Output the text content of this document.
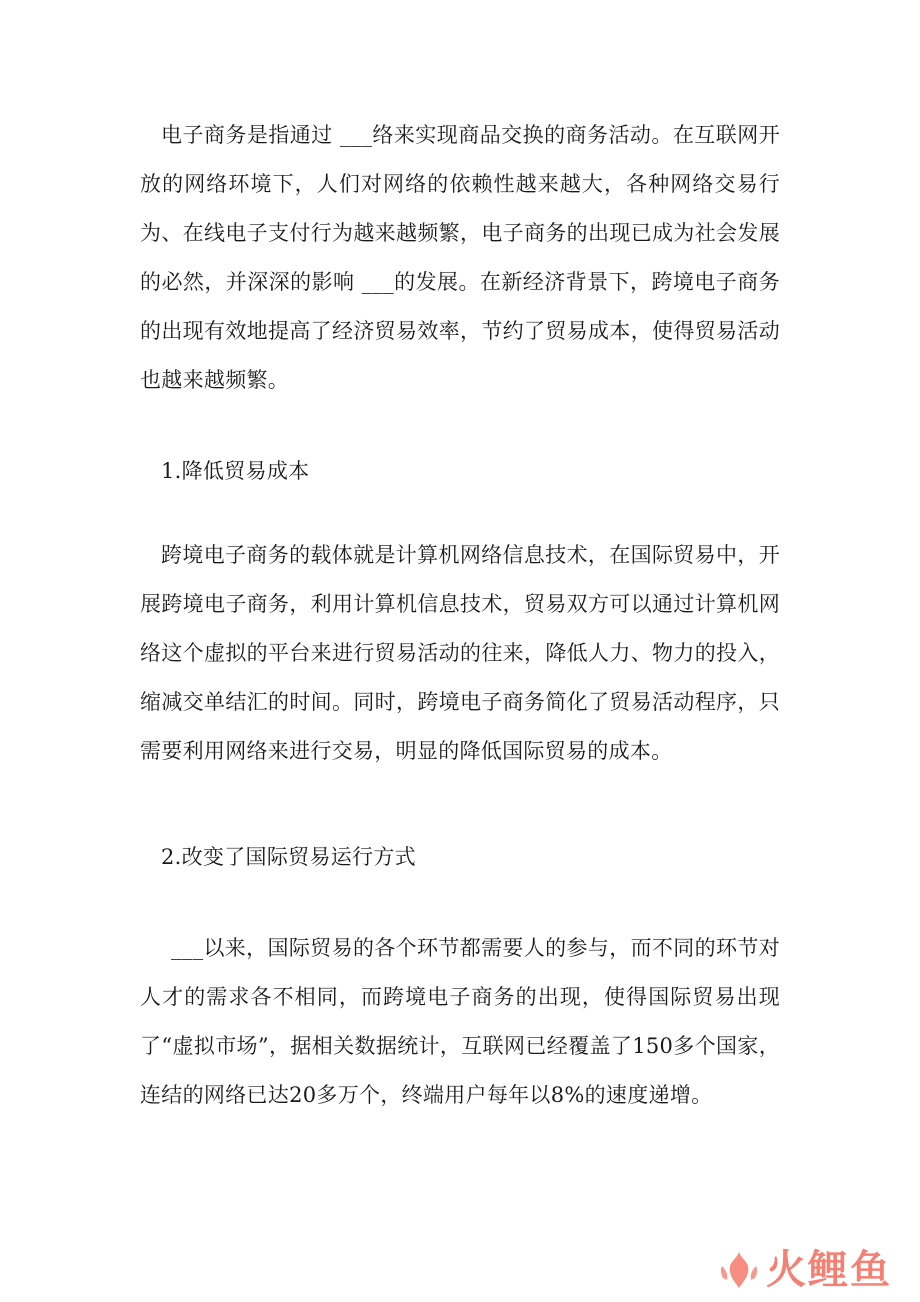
电子商务是指通过 ___络来实现商品交换的商务活动。在互联网开放的网络环境下，人们对网络的依赖性越来越大，各种网络交易行为、在线电子支付行为越来越频繁，电子商务的出现已成为社会发展的必然，并深深的影响 ___的发展。在新经济背景下，跨境电子商务的出现有效地提高了经济贸易效率，节约了贸易成本，使得贸易活动也越来越频繁。

1.降低贸易成本

跨境电子商务的载体就是计算机网络信息技术，在国际贸易中，开展跨境电子商务，利用计算机信息技术，贸易双方可以通过计算机网络这个虚拟的平台来进行贸易活动的往来，降低人力、物力的投入，缩减交单结汇的时间。同时，跨境电子商务简化了贸易活动程序，只需要利用网络来进行交易，明显的降低国际贸易的成本。

2.改变了国际贸易运行方式

___以来，国际贸易的各个环节都需要人的参与，而不同的环节对人才的需求各不相同，而跨境电子商务的出现，使得国际贸易出现了“虚拟市场”，据相关数据统计，互联网已经覆盖了150多个国家，连结的网络已达20多万个，终端用户每年以8%的速度递增。

火鲤鱼
